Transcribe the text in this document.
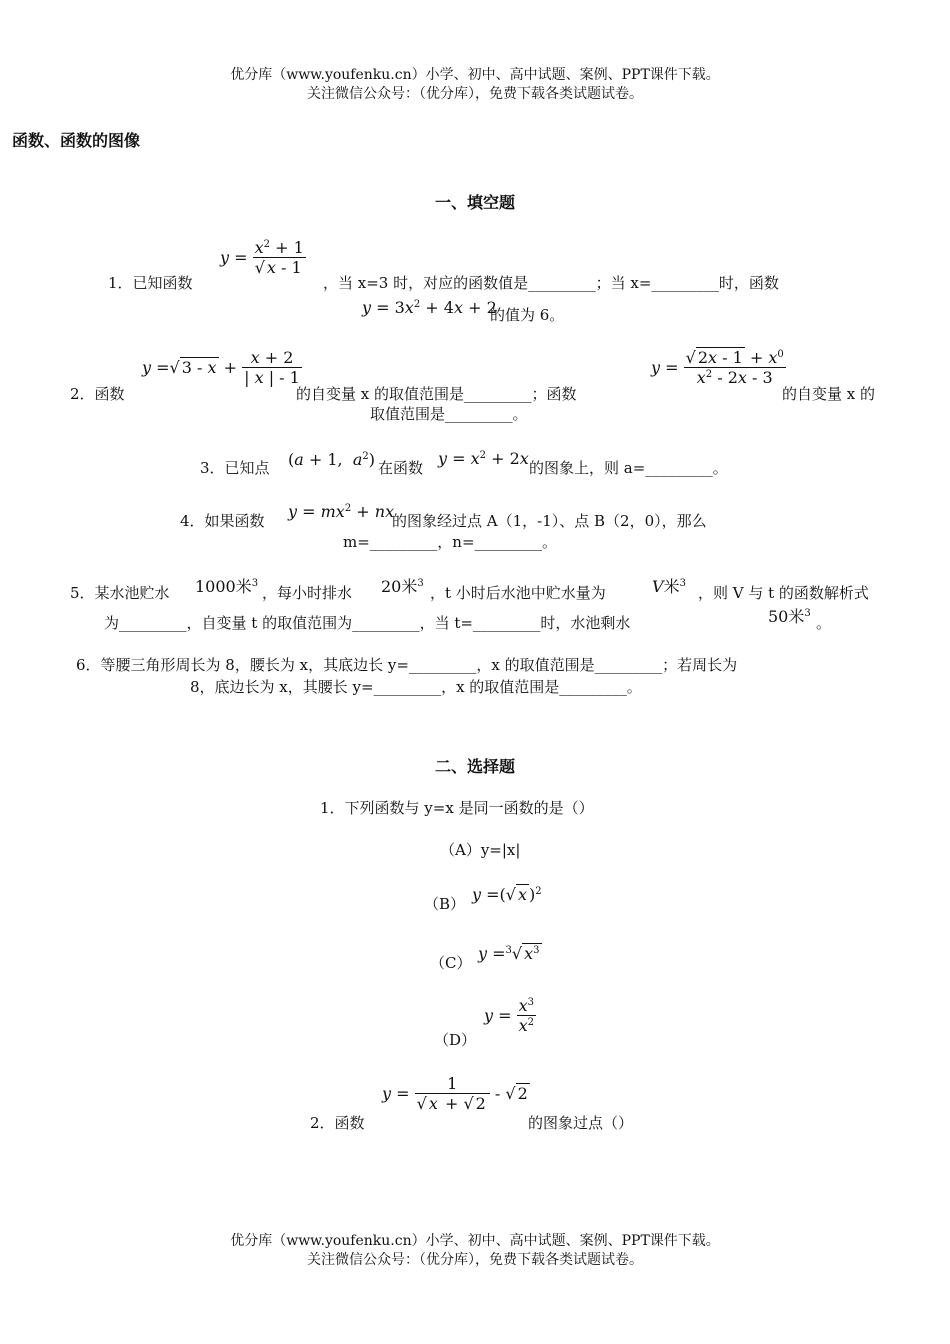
优分库（www.youfenku.cn）小学、初中、高中试题、案例、PPT课件下载。
关注微信公众号：（优分库），免费下载各类试题试卷。
函数、函数的图像
一、填空题
1．已知函数
$y = \frac{x^2 + 1}{√ x - 1}$
，当 x=3 时，对应的函数值是_________；当 x=_________时，函数
$y = 3x^2 + 4x + 2$
的值为 6。
2．函数
y =√ $3 - x + \frac{x + 2}{| x | - 1}$
的自变量 x 的取值范围是_________；函数
$y = \frac{√ 2x - 1 + x^0}{x^2 - 2x - 3}$
的自变量 x 的
取值范围是_________。
3．已知点 (a + 1,  $a^2$) 在函数 $y = x^2 + 2x$ 的图象上，则 a=_________。
4．如果函数 $y = mx^2$ + nx
的图象经过点 A（1，-1）、点 B（2，0），那么
m=_________，n=_________。
5．某水池贮水 1000米$^3$
，每小时排水 20米$^3$
，t 小时后水池中贮水量为	V米$^3$
，则 V 与 t 的函数解析式
为_________，自变量 t 的取值范围为_________，当 t=_________时，水池剩水	50米$^3$
。
6．等腰三角形周长为 8，腰长为 x，其底边长 y=_________，x 的取值范围是_________；若周长为
8，底边长为 x，其腰长 y=_________，x 的取值范围是_________。
二、选择题
1．下列函数与 y=x 是同一函数的是（）
（A）y=|x|
（B） y =(√ x )$^2$
（C） y =$^3$√ $x^3$
$y = \frac{x^3}{x^2}$
（D）
2．函数
$y = \frac{1}{√ x + √ 2}$ - √ 2
的图象过点（）
优分库（www.youfenku.cn）小学、初中、高中试题、案例、PPT课件下载。
关注微信公众号：（优分库），免费下载各类试题试卷。
